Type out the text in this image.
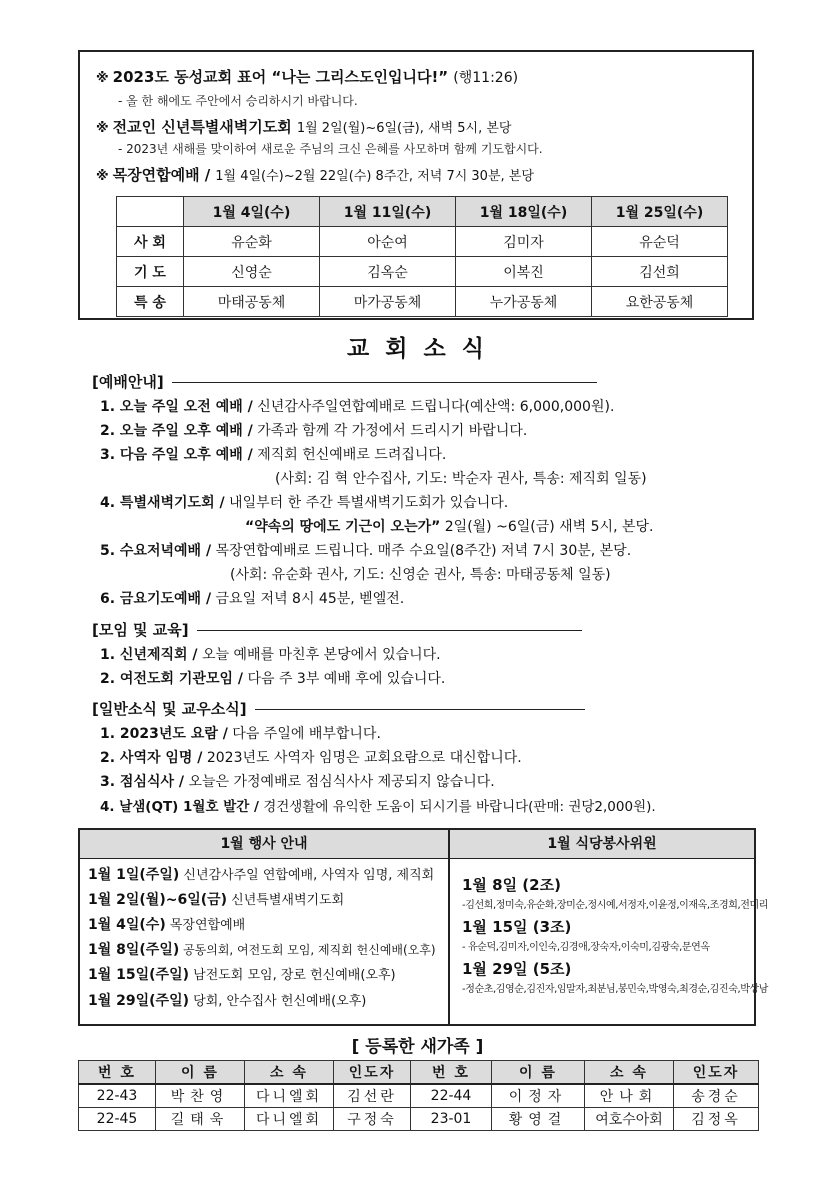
※ 2023도 동성교회 표어 “나는 그리스도인입니다!” (행11:26)
- 올 한 해에도 주안에서 승리하시기 바랍니다.
※ 전교인 신년특별새벽기도회 1월 2일(월)~6일(금), 새벽 5시, 본당
- 2023년 새해를 맞이하여 새로운 주님의 크신 은혜를 사모하며 함께 기도합시다.
※ 목장연합예배 / 1월 4일(수)~2월 22일(수) 8주간, 저녁 7시 30분, 본당
	1월 4일(수)	1월 11일(수)	1월 18일(수)	1월 25일(수)
사 회	유순화	아순여	김미자	유순덕
기 도	신영순	김옥순	이복진	김선희
특 송	마태공동체	마가공동체	누가공동체	요한공동체
교 회 소 식
[예배안내]
1. 오늘 주일 오전 예배 / 신년감사주일연합예배로 드립니다(예산액: 6,000,000원).
2. 오늘 주일 오후 예배 / 가족과 함께 각 가정에서 드리시기 바랍니다.
3. 다음 주일 오후 예배 / 제직회 헌신예배로 드려집니다.
(사회: 김 혁 안수집사, 기도: 박순자 권사, 특송: 제직회 일동)
4. 특별새벽기도회 / 내일부터 한 주간 특별새벽기도회가 있습니다.
“약속의 땅에도 기근이 오는가” 2일(월) ~6일(금) 새벽 5시, 본당.
5. 수요저녁예배 / 목장연합예배로 드립니다. 매주 수요일(8주간) 저녁 7시 30분, 본당.
(사회: 유순화 권사, 기도: 신영순 권사, 특송: 마태공동체 일동)
6. 금요기도예배 / 금요일 저녁 8시 45분, 벧엘전.
[모임 및 교육]
1. 신년제직회 / 오늘 예배를 마친후 본당에서 있습니다.
2. 여전도회 기관모임 / 다음 주 3부 예배 후에 있습니다.
[일반소식 및 교우소식]
1. 2023년도 요람 / 다음 주일에 배부합니다.
2. 사역자 임명 / 2023년도 사역자 임명은 교회요람으로 대신합니다.
3. 점심식사 / 오늘은 가정예배로 점심식사사 제공되지 않습니다.
4. 날샘(QT) 1월호 발간 / 경건생활에 유익한 도움이 되시기를 바랍니다(판매: 권당2,000원).
1월 행사 안내
1월 1일(주일) 신년감사주일 연합예배, 사역자 임명, 제직회
1월 2일(월)~6일(금) 신년특별새벽기도회
1월 4일(수) 목장연합예배
1월 8일(주일) 공동의회, 여전도회 모임, 제직회 헌신예배(오후)
1월 15일(주일) 남전도회 모임, 장로 헌신예배(오후)
1월 29일(주일) 당회, 안수집사 헌신예배(오후)
1월 식당봉사위원
1월 8일 (2조)
-김선희,정미숙,유순화,장미순,정시예,서정자,이윤정,이재옥,조경희,전미리
1월 15일 (3조)
- 유순덕,김미자,이인숙,김경애,장숙자,이숙미,김광숙,문연옥
1월 29일 (5조)
-정순초,김영순,김진자,임말자,최분님,봉민숙,박영숙,최경순,김진숙,박상남
[ 등록한 새가족 ]
번 호	이 름	소 속	인도자	번 호	이 름	소 속	인도자
22-43	박찬영	다니엘회	김선란	22-44	이정자	안나회	송경순
22-45	길태욱	다니엘회	구정숙	23-01	황영걸	여호수아회	김정옥
